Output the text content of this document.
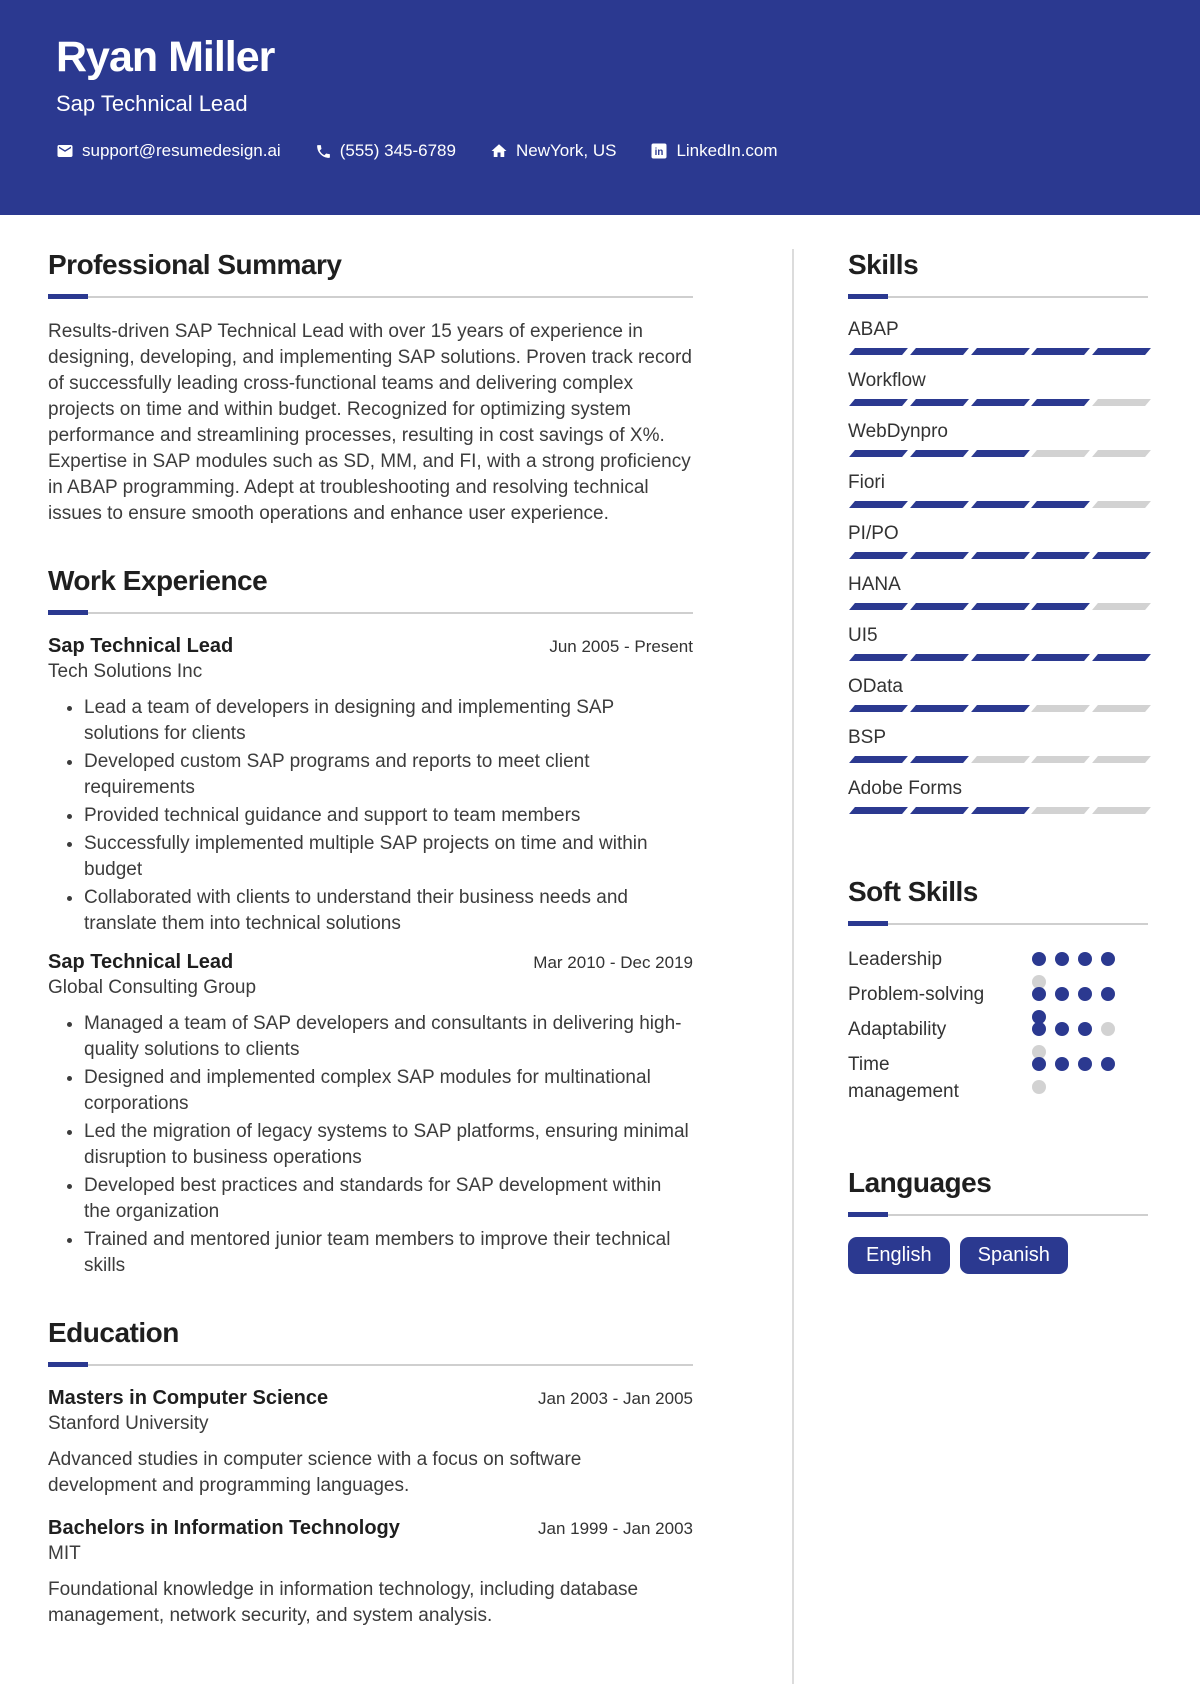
Ryan Miller
Sap Technical Lead
support@resumedesign.ai	(555) 345-6789	NewYork, US	in LinkedIn.com
Professional Summary

Results-driven SAP Technical Lead with over 15 years of experience in designing, developing, and implementing SAP solutions. Proven track record of successfully leading cross-functional teams and delivering complex projects on time and within budget. Recognized for optimizing system performance and streamlining processes, resulting in cost savings of X%. Expertise in SAP modules such as SD, MM, and FI, with a strong proficiency in ABAP programming. Adept at troubleshooting and resolving technical issues to ensure smooth operations and enhance user experience.

Work Experience
Sap Technical Lead	Jun 2005 - Present
Tech Solutions Inc
• Lead a team of developers in designing and implementing SAP solutions for clients
• Developed custom SAP programs and reports to meet client requirements
• Provided technical guidance and support to team members
• Successfully implemented multiple SAP projects on time and within budget
• Collaborated with clients to understand their business needs and translate them into technical solutions
Sap Technical Lead	Mar 2010 - Dec 2019
Global Consulting Group
• Managed a team of SAP developers and consultants in delivering high-quality solutions to clients
• Designed and implemented complex SAP modules for multinational corporations
• Led the migration of legacy systems to SAP platforms, ensuring minimal disruption to business operations
• Developed best practices and standards for SAP development within the organization
• Trained and mentored junior team members to improve their technical skills
Education
Masters in Computer Science	Jan 2003 - Jan 2005
Stanford University
Advanced studies in computer science with a focus on software development and programming languages.
Bachelors in Information Technology	Jan 1999 - Jan 2003
MIT
Foundational knowledge in information technology, including database management, network security, and system analysis.
Skills
ABAP
Workflow
WebDynpro
Fiori
PI/PO
HANA
UI5
OData
BSP
Adobe Forms
Soft Skills
Leadership
Problem-solving
Adaptability
Time management
Languages
English	Spanish
